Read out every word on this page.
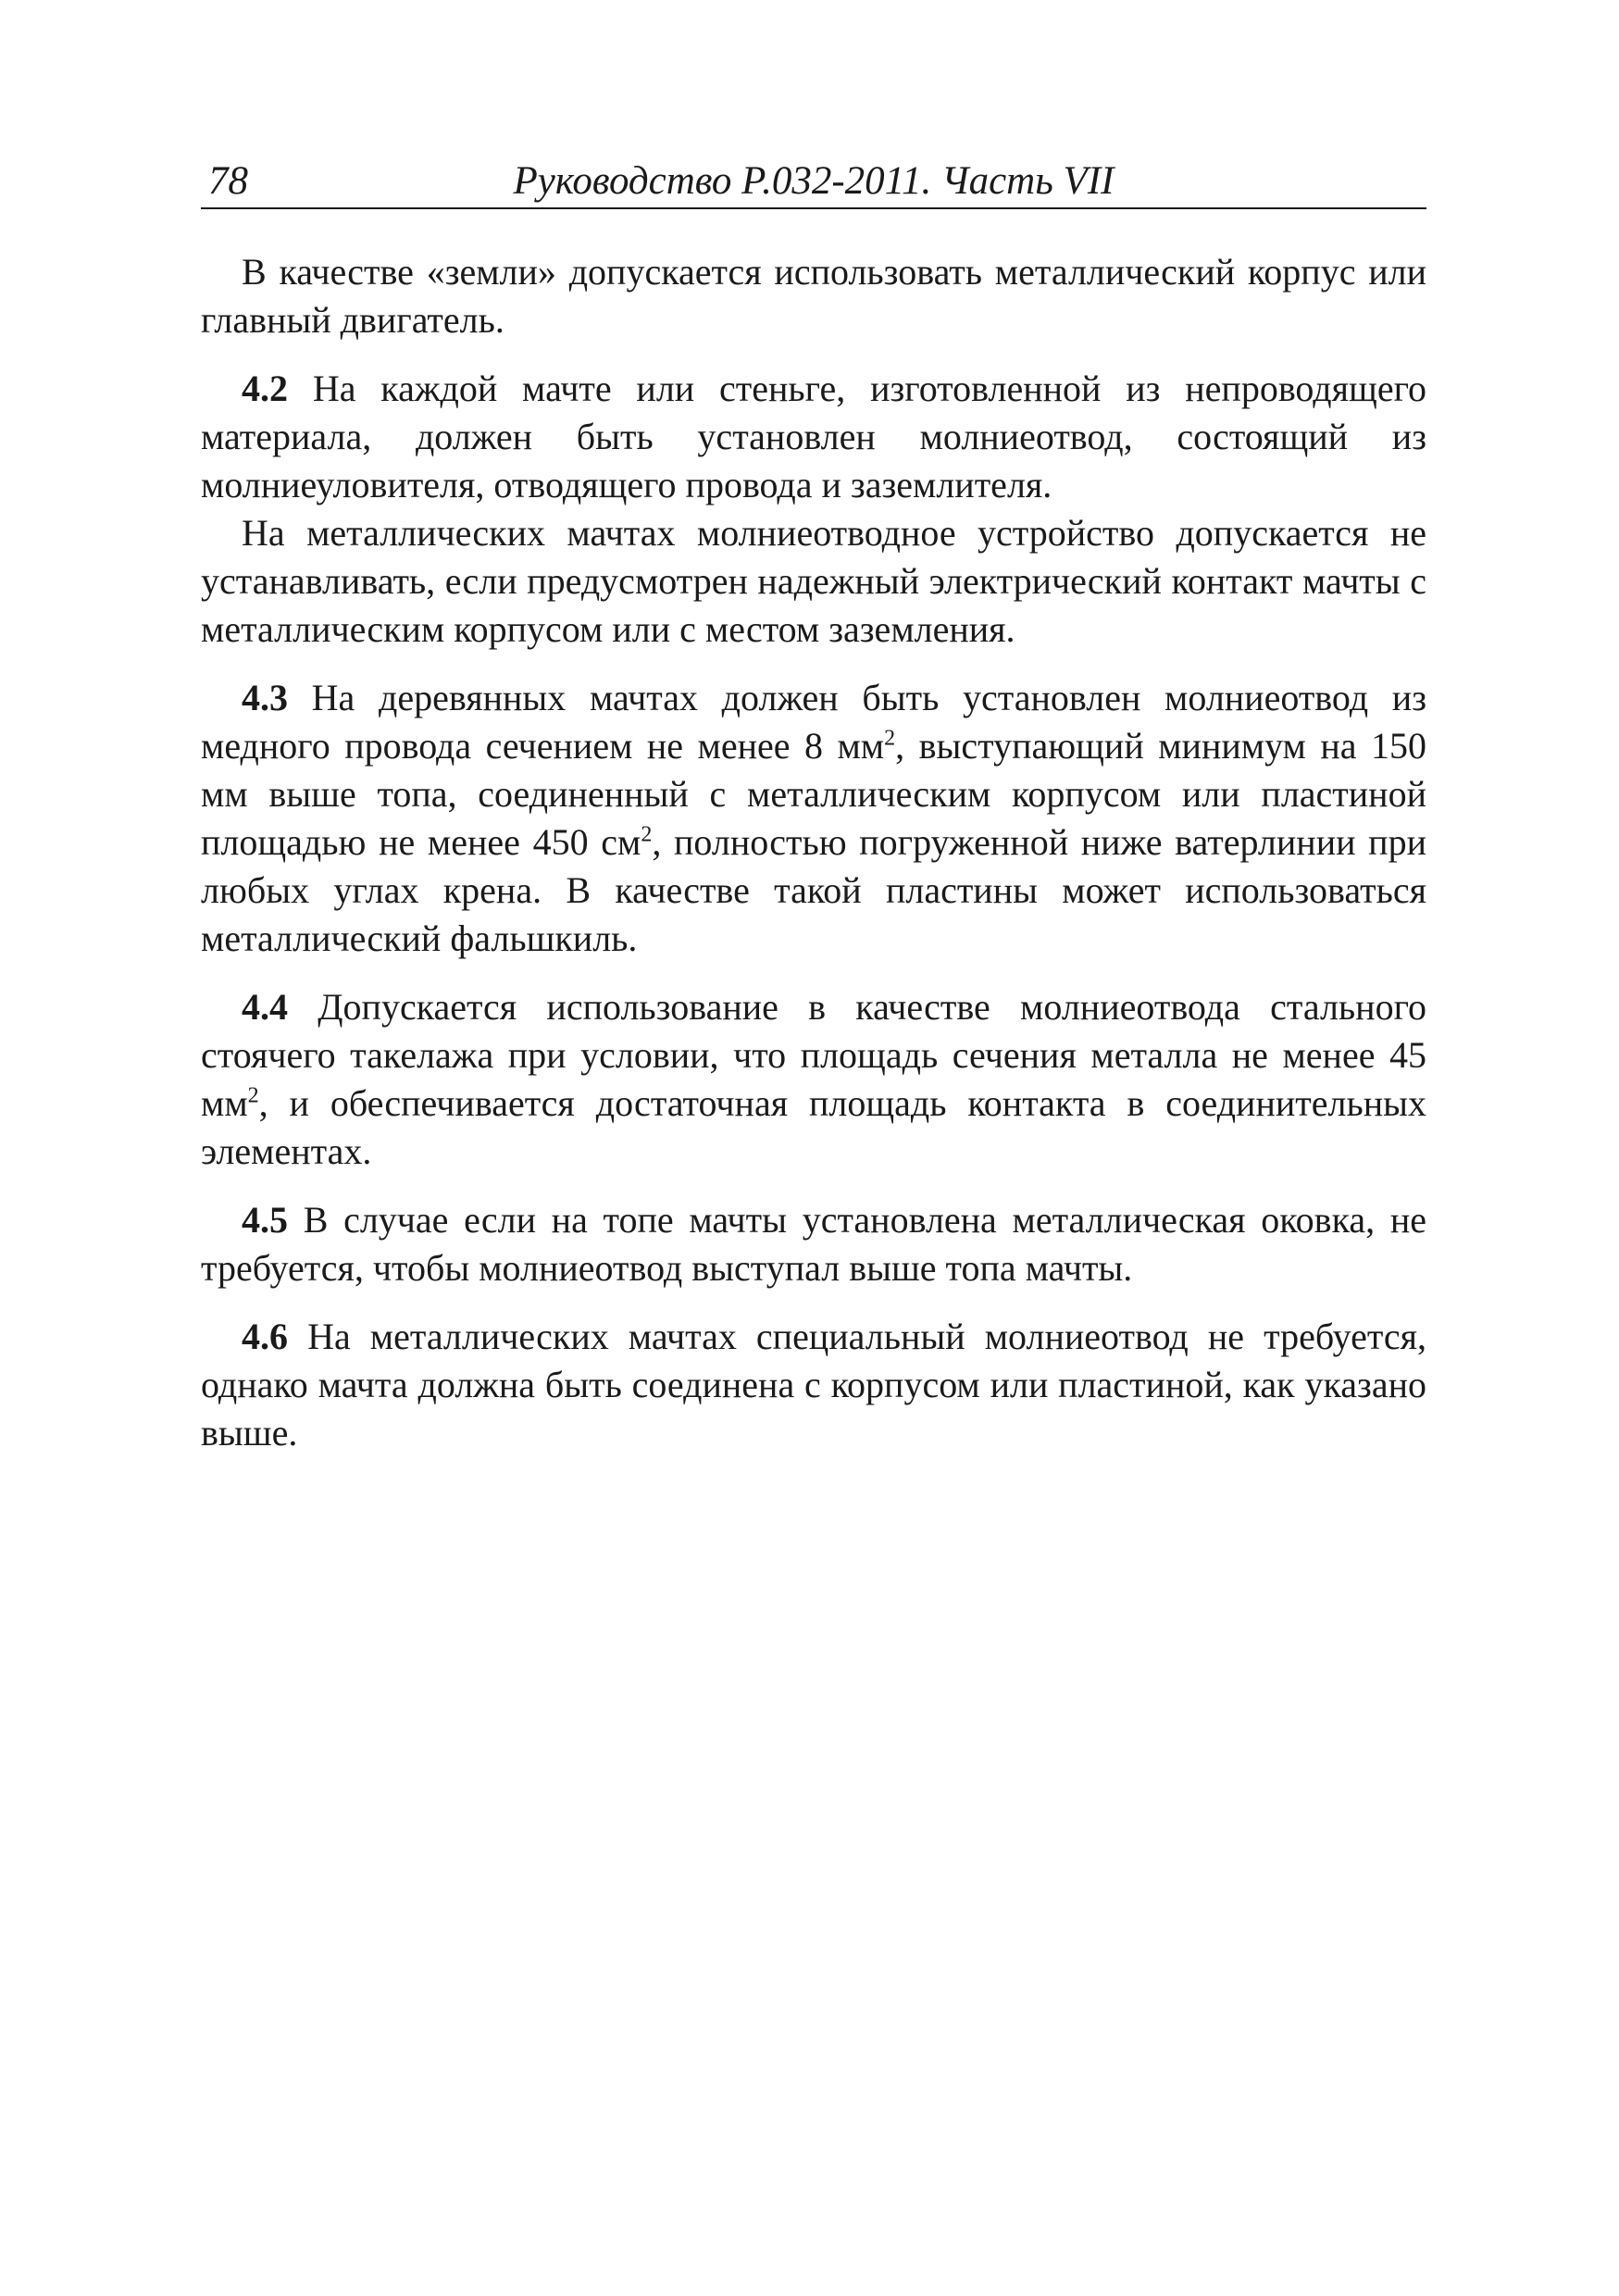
78	Руководство Р.032-2011. Часть VII

В качестве «земли» допускается использовать металлический корпус или главный двигатель.

4.2 На каждой мачте или стеньге, изготовленной из непроводящего материала, должен быть установлен молниеотвод, состоящий из молниеуловителя, отводящего провода и заземлителя.

На металлических мачтах молниеотводное устройство допускается не устанавливать, если предусмотрен надежный электрический контакт мачты с металлическим корпусом или с местом заземления.

4.3 На деревянных мачтах должен быть установлен молниеотвод из медного провода сечением не менее 8 $мм^2$, выступающий минимум на 150 мм выше топа, соединенный с металлическим корпусом или пластиной площадью не менее 450 $см^2$, полностью погруженной ниже ватерлинии при любых углах крена. В качестве такой пластины может использоваться металлический фальшкиль.

4.4 Допускается использование в качестве молниеотвода стального стоячего такелажа при условии, что площадь сечения металла не менее 45 $мм^2$, и обеспечивается достаточная площадь контакта в соединительных элементах.

4.5 В случае если на топе мачты установлена металлическая оковка, не требуется, чтобы молниеотвод выступал выше топа мачты.

4.6 На металлических мачтах специальный молниеотвод не требуется, однако мачта должна быть соединена с корпусом или пластиной, как указано выше.
